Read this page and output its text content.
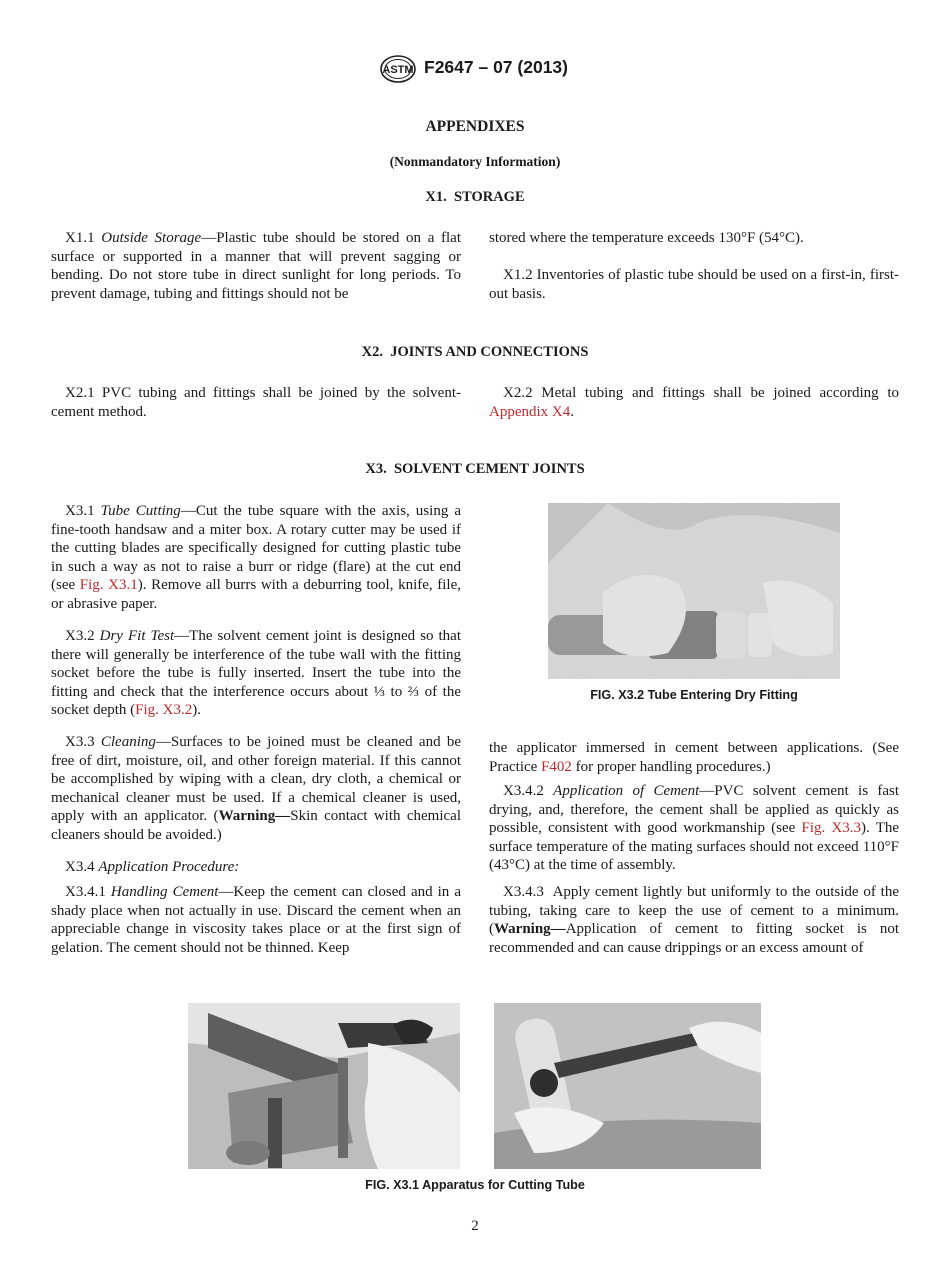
ASTM F2647 – 07 (2013)
APPENDIXES
(Nonmandatory Information)
X1.  STORAGE

X1.1 Outside Storage—Plastic tube should be stored on a flat surface or supported in a manner that will prevent sagging or bending. Do not store tube in direct sunlight for long periods. To prevent damage, tubing and fittings should not be

stored where the temperature exceeds 130°F (54°C).

X1.2 Inventories of plastic tube should be used on a first-in, first-out basis.

X2.  JOINTS AND CONNECTIONS

X2.1 PVC tubing and fittings shall be joined by the solvent-cement method.

X2.2 Metal tubing and fittings shall be joined according to Appendix X4.

X3.  SOLVENT CEMENT JOINTS

X3.1 Tube Cutting—Cut the tube square with the axis, using a fine-tooth handsaw and a miter box. A rotary cutter may be used if the cutting blades are specifically designed for cutting plastic tube in such a way as not to raise a burr or ridge (flare) at the cut end (see Fig. X3.1). Remove all burrs with a deburring tool, knife, file, or abrasive paper.

X3.2 Dry Fit Test—The solvent cement joint is designed so that there will generally be interference of the tube wall with the fitting socket before the tube is fully inserted. Insert the tube into the fitting and check that the interference occurs about ⅓ to ⅔ of the socket depth (Fig. X3.2).

X3.3 Cleaning—Surfaces to be joined must be cleaned and be free of dirt, moisture, oil, and other foreign material. If this cannot be accomplished by wiping with a clean, dry cloth, a chemical or mechanical cleaner must be used. If a chemical cleaner is used, apply with an applicator. (Warning—Skin contact with chemical cleaners should be avoided.)

X3.4 Application Procedure:

X3.4.1 Handling Cement—Keep the cement can closed and in a shady place when not actually in use. Discard the cement when an appreciable change in viscosity takes place or at the first sign of gelation. The cement should not be thinned. Keep

FIG. X3.2 Tube Entering Dry Fitting

the applicator immersed in cement between applications. (See Practice F402 for proper handling procedures.)

X3.4.2 Application of Cement—PVC solvent cement is fast drying, and, therefore, the cement shall be applied as quickly as possible, consistent with good workmanship (see Fig. X3.3). The surface temperature of the mating surfaces should not exceed 110°F (43°C) at the time of assembly.

X3.4.3  Apply cement lightly but uniformly to the outside of the tubing, taking care to keep the use of cement to a minimum. (Warning—Application of cement to fitting socket is not recommended and can cause drippings or an excess amount of

FIG. X3.1 Apparatus for Cutting Tube
2
